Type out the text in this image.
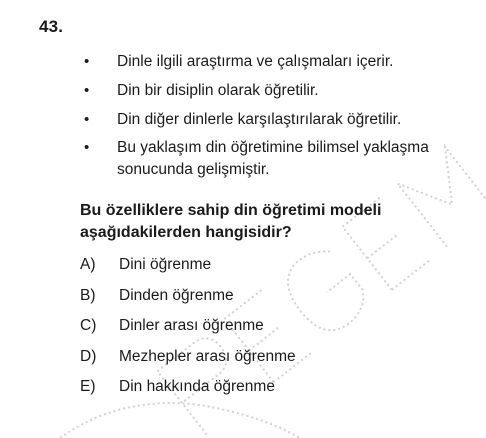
43.
• Dinle ilgili araştırma ve çalışmaları içerir.
• Din bir disiplin olarak öğretilir.
• Din diğer dinlerle karşılaştırılarak öğretilir.
• Bu yaklaşım din öğretimine bilimsel yaklaşma sonucunda gelişmiştir.
Bu özelliklere sahip din öğretimi modeli aşağıdakilerden hangisidir?
A)	Dini öğrenme
B)	Dinden öğrenme
C)	Dinler arası öğrenme
D)	Mezhepler arası öğrenme
E)	Din hakkında öğrenme
